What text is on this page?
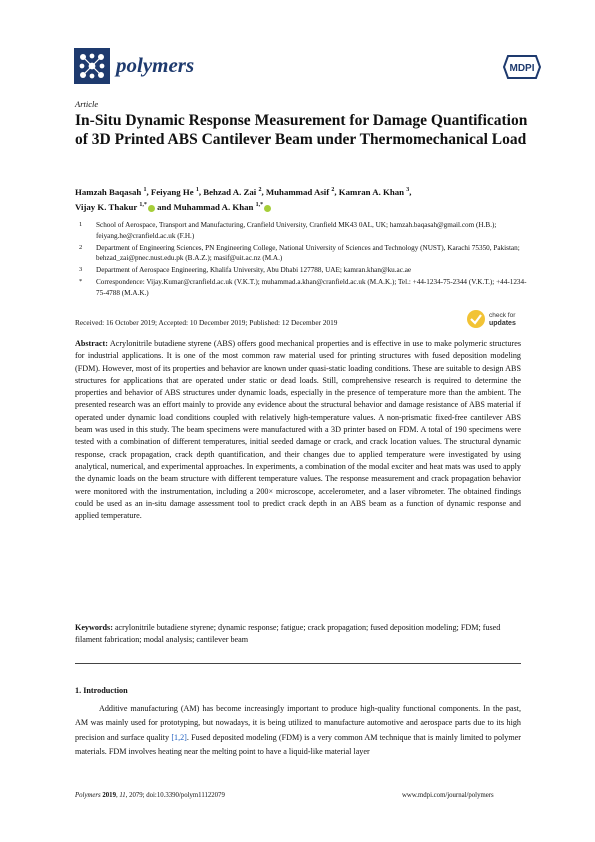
polymers	MDPI
Article
In-Situ Dynamic Response Measurement for Damage Quantification of 3D Printed ABS Cantilever Beam under Thermomechanical Load
Hamzah Baqasah $^1$, Feiyang He $^1$, Behzad A. Zai $^2$, Muhammad Asif $^2$, Kamran A. Khan $^3$,
Vijay K. Thakur $^{1,*}$ and Muhammad A. Khan $^{1,*}$
1	School of Aerospace, Transport and Manufacturing, Cranfield University, Cranfield MK43 0AL, UK; hamzah.baqasah@gmail.com (H.B.); feiyang.he@cranfield.ac.uk (F.H.)
2	Department of Engineering Sciences, PN Engineering College, National University of Sciences and Technology (NUST), Karachi 75350, Pakistan; behzad_zai@pnec.nust.edu.pk (B.A.Z.); masif@uit.ac.nz (M.A.)
3	Department of Aerospace Engineering, Khalifa University, Abu Dhabi 127788, UAE; kamran.khan@ku.ac.ae
*	Correspondence: Vijay.Kumar@cranfield.ac.uk (V.K.T.); muhammad.a.khan@cranfield.ac.uk (M.A.K.); Tel.: +44-1234-75-2344 (V.K.T.); +44-1234-75-4788 (M.A.K.)
Received: 16 October 2019; Accepted: 10 December 2019; Published: 12 December 2019
check for
updates
Abstract: Acrylonitrile butadiene styrene (ABS) offers good mechanical properties and is effective in use to make polymeric structures for industrial applications. It is one of the most common raw material used for printing structures with fused deposition modeling (FDM). However, most of its properties and behavior are known under quasi-static loading conditions. These are suitable to design ABS structures for applications that are operated under static or dead loads. Still, comprehensive research is required to determine the properties and behavior of ABS structures under dynamic loads, especially in the presence of temperature more than the ambient. The presented research was an effort mainly to provide any evidence about the structural behavior and damage resistance of ABS material if operated under dynamic load conditions coupled with relatively high-temperature values. A non-prismatic fixed-free cantilever ABS beam was used in this study. The beam specimens were manufactured with a 3D printer based on FDM. A total of 190 specimens were tested with a combination of different temperatures, initial seeded damage or crack, and crack location values. The structural dynamic response, crack propagation, crack depth quantification, and their changes due to applied temperature were investigated by using analytical, numerical, and experimental approaches. In experiments, a combination of the modal exciter and heat mats was used to apply the dynamic loads on the beam structure with different temperature values. The response measurement and crack propagation behavior were monitored with the instrumentation, including a 200× microscope, accelerometer, and a laser vibrometer. The obtained findings could be used as an in-situ damage assessment tool to predict crack depth in an ABS beam as a function of dynamic response and applied temperature.
Keywords: acrylonitrile butadiene styrene; dynamic response; fatigue; crack propagation; fused deposition modeling; FDM; fused filament fabrication; modal analysis; cantilever beam
1. Introduction
Additive manufacturing (AM) has become increasingly important to produce high-quality functional components. In the past, AM was mainly used for prototyping, but nowadays, it is being utilized to manufacture automotive and aerospace parts due to its high precision and surface quality [1,2]. Fused deposited modeling (FDM) is a very common AM technique that is mainly limited to polymer materials. FDM involves heating near the melting point to have a liquid-like material layer
Polymers 2019, 11, 2079; doi:10.3390/polym11122079	www.mdpi.com/journal/polymers
